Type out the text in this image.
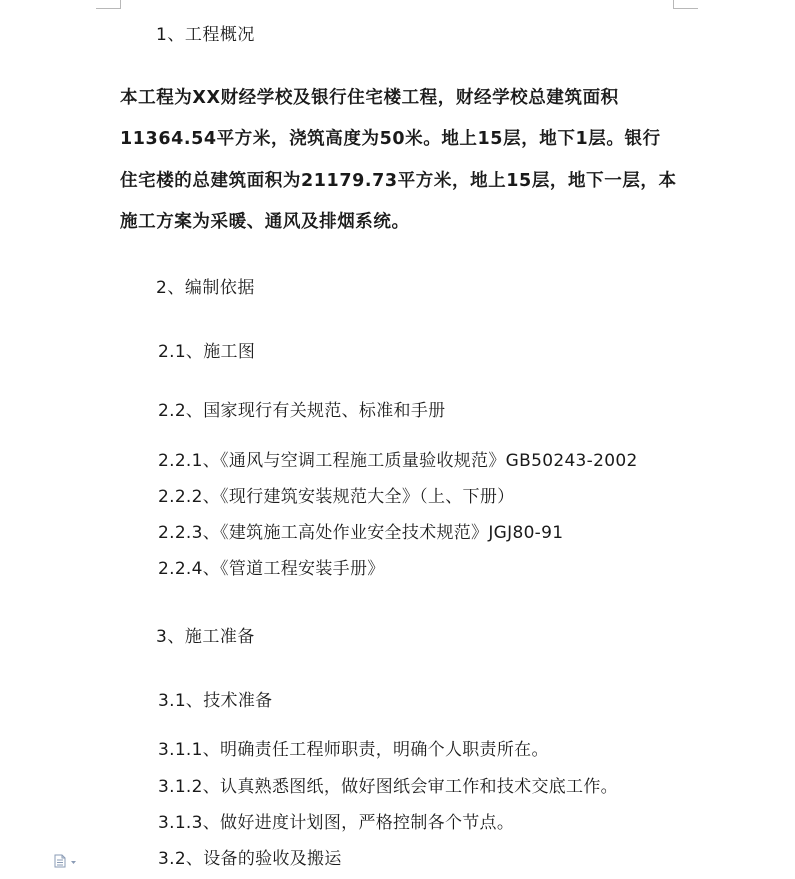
1、工程概况
本工程为XX财经学校及银行住宅楼工程，财经学校总建筑面积
11364.54平方米，浇筑高度为50米。地上15层，地下1层。银行
住宅楼的总建筑面积为21179.73平方米，地上15层，地下一层，本
施工方案为采暖、通风及排烟系统。
2、编制依据
2.1、施工图
2.2、国家现行有关规范、标准和手册
2.2.1、《通风与空调工程施工质量验收规范》GB50243-2002
2.2.2、《现行建筑安装规范大全》（上、下册）
2.2.3、《建筑施工高处作业安全技术规范》JGJ80-91
2.2.4、《管道工程安装手册》
3、施工准备
3.1、技术准备
3.1.1、明确责任工程师职责，明确个人职责所在。
3.1.2、认真熟悉图纸，做好图纸会审工作和技术交底工作。
3.1.3、做好进度计划图，严格控制各个节点。
3.2、设备的验收及搬运
